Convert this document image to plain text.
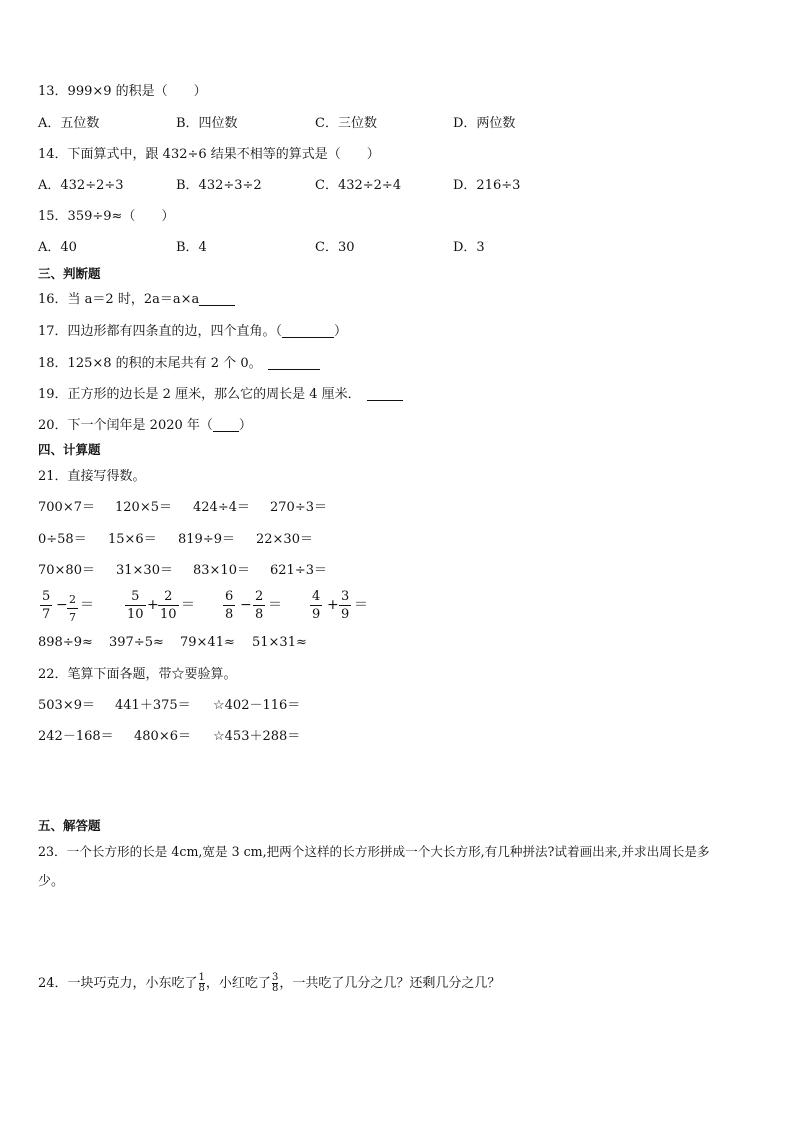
13．999×9 的积是（　　）
A．五位数	B．四位数	C．三位数	D．两位数
14．下面算式中，跟 432÷6 结果不相等的算式是（　　）
A．432÷2÷3	B．432÷3÷2	C．432÷2÷4	D．216÷3
15．359÷9≈（　　）
A．40	B．4	C．30	D．3
三、判断题
16．当 a＝2 时，2a＝a×a
17．四边形都有四条直的边，四个直角。（	）
18．125×8 的积的末尾共有 2 个 0。
19．正方形的边长是 2 厘米，那么它的周长是 4 厘米．
20．下一个闰年是 2020 年（ ）
四、计算题
21．直接写得数。
700×7＝ 120×5＝ 424÷4＝ 270÷3＝
0÷58＝ 15×6＝ 819÷9＝ 22×30＝
70×80＝ 31×30＝ 83×10＝ 621÷3＝
5
7
− 2
7
＝
5
10
+
2
10
＝
6
8
−
2
8
＝
4
9
+
3
9
＝
898÷9≈ 397÷5≈ 79×41≈ 51×31≈
22．笔算下面各题，带☆要验算。
503×9＝ 441＋375＝ ☆402－116＝
242－168＝ 480×6＝ ☆453＋288＝
五、解答题
23．一个长方形的长是 4cm,宽是 3 cm,把两个这样的长方形拼成一个大长方形,有几种拼法?试着画出来,并求出周长是多
少。
24．一块巧克力，小东吃了 $\frac{1}{8}$ ，小红吃了 $\frac{3}{8}$ ，一共吃了几分之几？还剩几分之几？
